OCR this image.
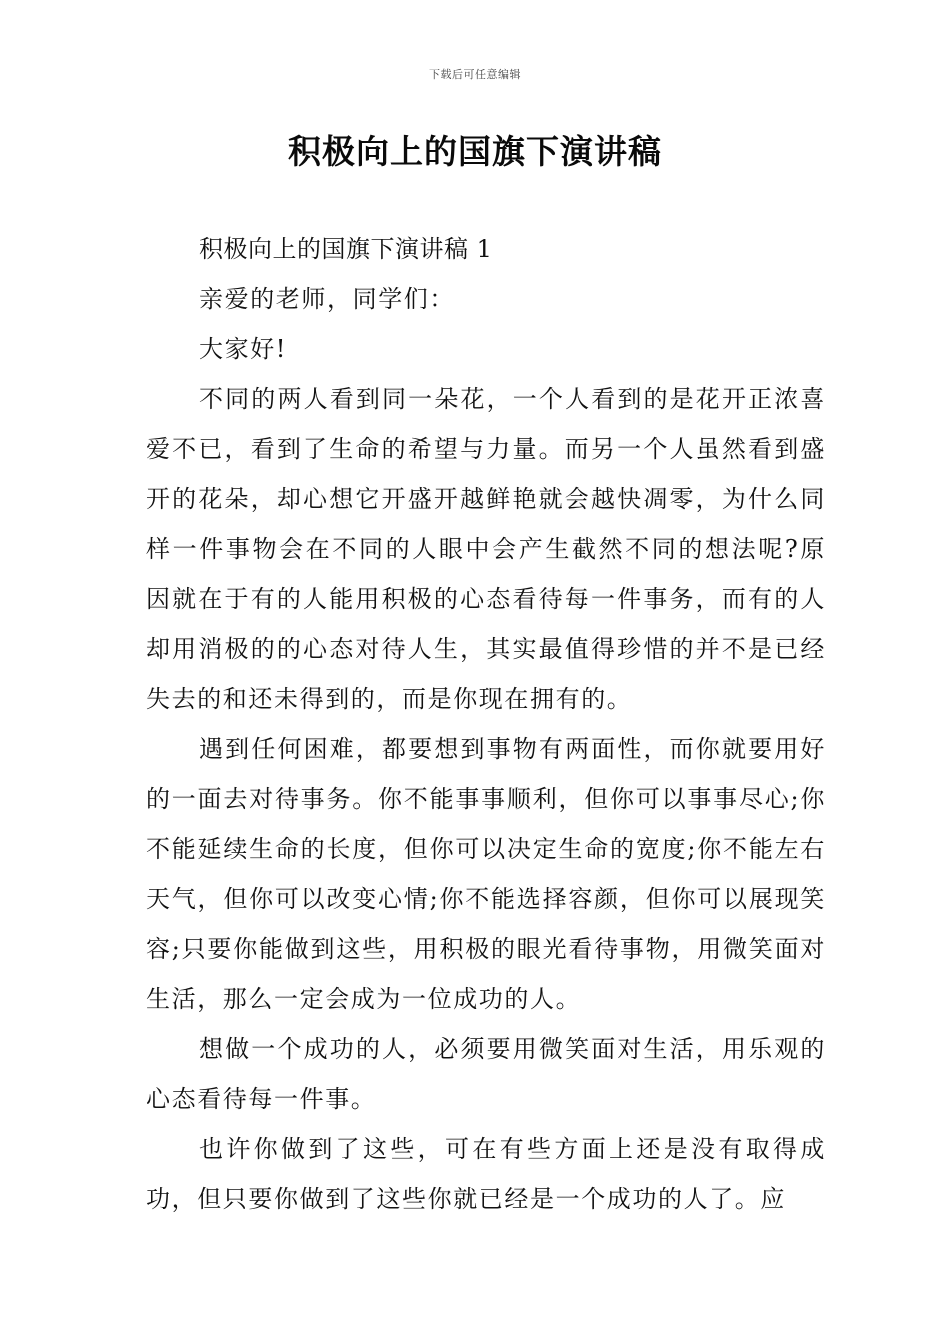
下载后可任意编辑
积极向上的国旗下演讲稿

积极向上的国旗下演讲稿 1

亲爱的老师，同学们：

大家好!

不同的两人看到同一朵花，一个人看到的是花开正浓喜爱不已，看到了生命的希望与力量。而另一个人虽然看到盛开的花朵，却心想它开盛开越鲜艳就会越快凋零，为什么同样一件事物会在不同的人眼中会产生截然不同的想法呢?原因就在于有的人能用积极的心态看待每一件事务，而有的人却用消极的的心态对待人生，其实最值得珍惜的并不是已经失去的和还未得到的，而是你现在拥有的。

遇到任何困难，都要想到事物有两面性，而你就要用好的一面去对待事务。你不能事事顺利，但你可以事事尽心;你不能延续生命的长度，但你可以决定生命的宽度;你不能左右天气，但你可以改变心情;你不能选择容颜，但你可以展现笑容;只要你能做到这些，用积极的眼光看待事物，用微笑面对生活，那么一定会成为一位成功的人。

想做一个成功的人，必须要用微笑面对生活，用乐观的心态看待每一件事。

也许你做到了这些，可在有些方面上还是没有取得成功，但只要你做到了这些你就已经是一个成功的人了。应
